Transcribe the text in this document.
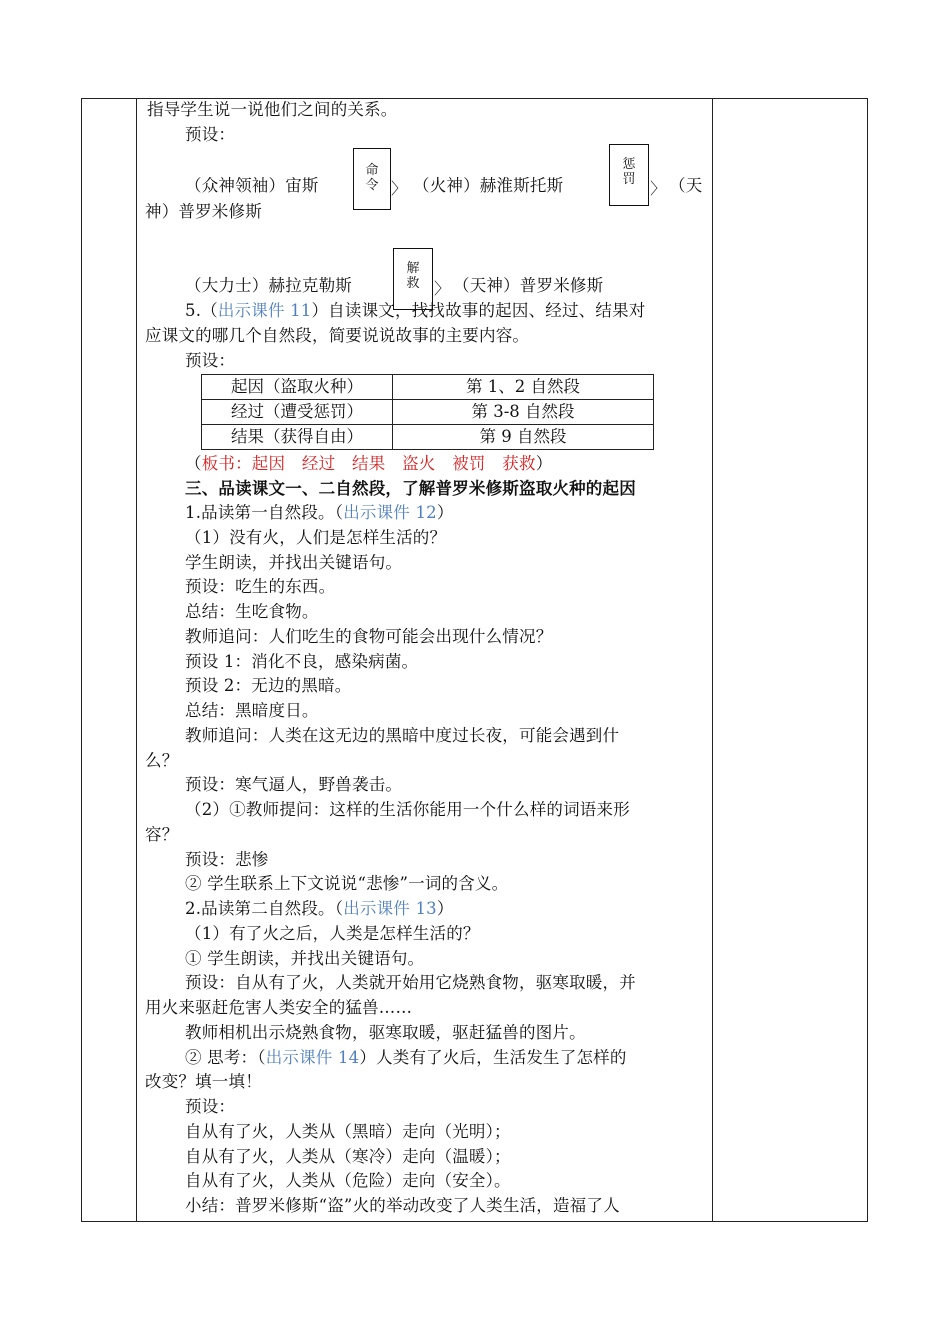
指导学生说一说他们之间的关系。
预设：
（众神领袖）宙斯
命令 〉 （火神）赫淮斯托斯
惩罚 〉 （天
神）普罗米修斯
（大力士）赫拉克勒斯
解救 〉 （天神）普罗米修斯
5.（出示课件 11）自读课文，找找故事的起因、经过、结果对
应课文的哪几个自然段，简要说说故事的主要内容。
预设：
起因（盗取火种）	第 1、2 自然段
经过（遭受惩罚）	第 3-8 自然段
结果（获得自由）	第 9 自然段
（板书：起因　经过　结果　盗火　被罚　获救）
三、品读课文一、二自然段，了解普罗米修斯盗取火种的起因
1.品读第一自然段。（出示课件 12）
（1）没有火，人们是怎样生活的？
学生朗读，并找出关键语句。
预设：吃生的东西。
总结：生吃食物。
教师追问：人们吃生的食物可能会出现什么情况？
预设 1：消化不良，感染病菌。
预设 2：无边的黑暗。
总结：黑暗度日。
教师追问：人类在这无边的黑暗中度过长夜，可能会遇到什
么？
预设：寒气逼人，野兽袭击。
（2）①教师提问：这样的生活你能用一个什么样的词语来形
容？
预设：悲惨
② 学生联系上下文说说“悲惨”一词的含义。
2.品读第二自然段。（出示课件 13）
（1）有了火之后，人类是怎样生活的？
① 学生朗读，并找出关键语句。
预设：自从有了火，人类就开始用它烧熟食物，驱寒取暖，并
用火来驱赶危害人类安全的猛兽……
教师相机出示烧熟食物，驱寒取暖，驱赶猛兽的图片。
② 思考：（出示课件 14）人类有了火后，生活发生了怎样的
改变？填一填！
预设：
自从有了火，人类从（黑暗）走向（光明）；
自从有了火，人类从（寒冷）走向（温暖）；
自从有了火，人类从（危险）走向（安全）。
小结：普罗米修斯“盗”火的举动改变了人类生活，造福了人
